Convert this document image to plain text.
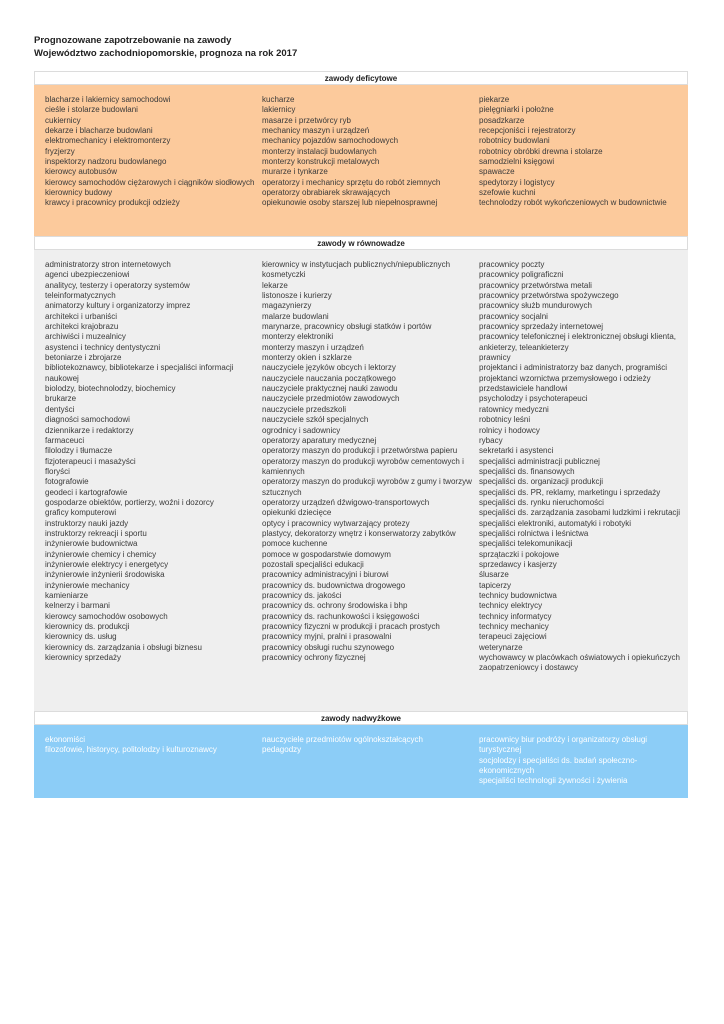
Prognozowane zapotrzebowanie na zawody
Województwo zachodniopomorskie, prognoza na rok 2017
zawody deficytowe
blacharze i lakiernicy samochodowi
cieśle i stolarze budowlani
cukiernicy
dekarze i blacharze budowlani
elektromechanicy i elektromonterzy
fryzjerzy
inspektorzy nadzoru budowlanego
kierowcy autobusów
kierowcy samochodów ciężarowych i ciągników siodłowych
kierownicy budowy
krawcy i pracownicy produkcji odzieży
kucharze
lakiernicy
masarze i przetwórcy ryb
mechanicy maszyn i urządzeń
mechanicy pojazdów samochodowych
monterzy instalacji budowlanych
monterzy konstrukcji metalowych
murarze i tynkarze
operatorzy i mechanicy sprzętu do robót ziemnych
operatorzy obrabiarek skrawających
opiekunowie osoby starszej lub niepełnosprawnej
piekarze
pielęgniarki i położne
posadzkarze
recepcjoniści i rejestratorzy
robotnicy budowlani
robotnicy obróbki drewna i stolarze
samodzielni księgowi
spawacze
spedytorzy i logistycy
szefowie kuchni
technolodzy robót wykończeniowych w budownictwie
zawody w równowadze
administratorzy stron internetowych
agenci ubezpieczeniowi
analitycy, testerzy i operatorzy systemów teleinformatycznych
animatorzy kultury i organizatorzy imprez
architekci i urbaniści
architekci krajobrazu
archiwiści i muzealnicy
asystenci i technicy dentystyczni
betoniarze i zbrojarze
bibliotekoznawcy, bibliotekarze i specjaliści informacji naukowej
biolodzy, biotechnolodzy, biochemicy
brukarze
dentyści
diagności samochodowi
dziennikarze i redaktorzy
farmaceuci
filolodzy i tłumacze
fizjoterapeuci i masażyści
floryści
fotografowie
geodeci i kartografowie
gospodarze obiektów, portierzy, woźni i dozorcy
graficy komputerowi
instruktorzy nauki jazdy
instruktorzy rekreacji i sportu
inżynierowie budownictwa
inżynierowie chemicy i chemicy
inżynierowie elektrycy i energetycy
inżynierowie inżynierii środowiska
inżynierowie mechanicy
kamieniarze
kelnerzy i barmani
kierowcy samochodów osobowych
kierownicy ds. produkcji
kierownicy ds. usług
kierownicy ds. zarządzania i obsługi biznesu
kierownicy sprzedaży
kierownicy w instytucjach publicznych/niepublicznych
kosmetyczki
lekarze
listonosze i kurierzy
magazynierzy
malarze budowlani
marynarze, pracownicy obsługi statków i portów
monterzy elektroniki
monterzy maszyn i urządzeń
monterzy okien i szklarze
nauczyciele języków obcych i lektorzy
nauczyciele nauczania początkowego
nauczyciele praktycznej nauki zawodu
nauczyciele przedmiotów zawodowych
nauczyciele przedszkoli
nauczyciele szkół specjalnych
ogrodnicy i sadownicy
operatorzy aparatury medycznej
operatorzy maszyn do produkcji i przetwórstwa papieru
operatorzy maszyn do produkcji wyrobów cementowych i kamiennych
operatorzy maszyn do produkcji wyrobów z gumy i tworzyw sztucznych
operatorzy urządzeń dźwigowo-transportowych
opiekunki dziecięce
optycy i pracownicy wytwarzający protezy
plastycy, dekoratorzy wnętrz i konserwatorzy zabytków
pomoce kuchenne
pomoce w gospodarstwie domowym
pozostali specjaliści edukacji
pracownicy administracyjni i biurowi
pracownicy ds. budownictwa drogowego
pracownicy ds. jakości
pracownicy ds. ochrony środowiska i bhp
pracownicy ds. rachunkowości i księgowości
pracownicy fizyczni w produkcji i pracach prostych
pracownicy myjni, pralni i prasowalni
pracownicy obsługi ruchu szynowego
pracownicy ochrony fizycznej
pracownicy poczty
pracownicy poligraficzni
pracownicy przetwórstwa metali
pracownicy przetwórstwa spożywczego
pracownicy służb mundurowych
pracownicy socjalni
pracownicy sprzedaży internetowej
pracownicy telefonicznej i elektronicznej obsługi klienta, ankieterzy, teleankieterzy
prawnicy
projektanci i administratorzy baz danych, programiści
projektanci wzornictwa przemysłowego i odzieży
przedstawiciele handlowi
psycholodzy i psychoterapeuci
ratownicy medyczni
robotnicy leśni
rolnicy i hodowcy
rybacy
sekretarki i asystenci
specjaliści administracji publicznej
specjaliści ds. finansowych
specjaliści ds. organizacji produkcji
specjaliści ds. PR, reklamy, marketingu i sprzedaży
specjaliści ds. rynku nieruchomości
specjaliści ds. zarządzania zasobami ludzkimi i rekrutacji
specjaliści elektroniki, automatyki i robotyki
specjaliści rolnictwa i leśnictwa
specjaliści telekomunikacji
sprzątaczki i pokojowe
sprzedawcy i kasjerzy
ślusarze
tapicerzy
technicy budownictwa
technicy elektrycy
technicy informatycy
technicy mechanicy
terapeuci zajęciowi
weterynarze
wychowawcy w placówkach oświatowych i opiekuńczych
zaopatrzeniowcy i dostawcy
zawody nadwyżkowe
ekonomiści
filozofowie, historycy, politolodzy i kulturoznawcy
nauczyciele przedmiotów ogólnokształcących
pedagodzy
pracownicy biur podróży i organizatorzy obsługi turystycznej
socjolodzy i specjaliści ds. badań społeczno-ekonomicznych
specjaliści technologii żywności i żywienia
